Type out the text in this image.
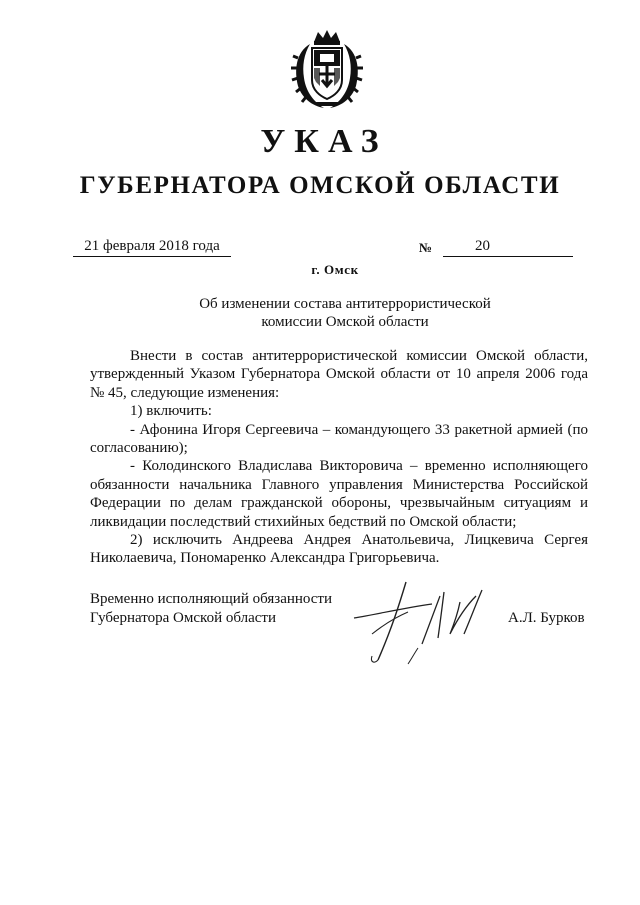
УКАЗ
ГУБЕРНАТОРА ОМСКОЙ ОБЛАСТИ
21 февраля 2018 года	№	20
г. Омск
Об изменении состава антитеррористической
комиссии Омской области

Внести в состав антитеррористической комиссии Омской области, утвержденный Указом Губернатора Омской области от 10 апреля 2006 года № 45, следующие изменения:

1) включить:

- Афонина Игоря Сергеевича – командующего 33 ракетной армией (по согласованию);

- Колодинского Владислава Викторовича – временно исполняющего обязанности начальника Главного управления Министерства Российской Федерации по делам гражданской обороны, чрезвычайным ситуациям и ликвидации последствий стихийных бедствий по Омской области;

2) исключить Андреева Андрея Анатольевича, Лицкевича Сергея Николаевича, Пономаренко Александра Григорьевича.

Временно исполняющий обязанности
Губернатора Омской области	А.Л. Бурков
